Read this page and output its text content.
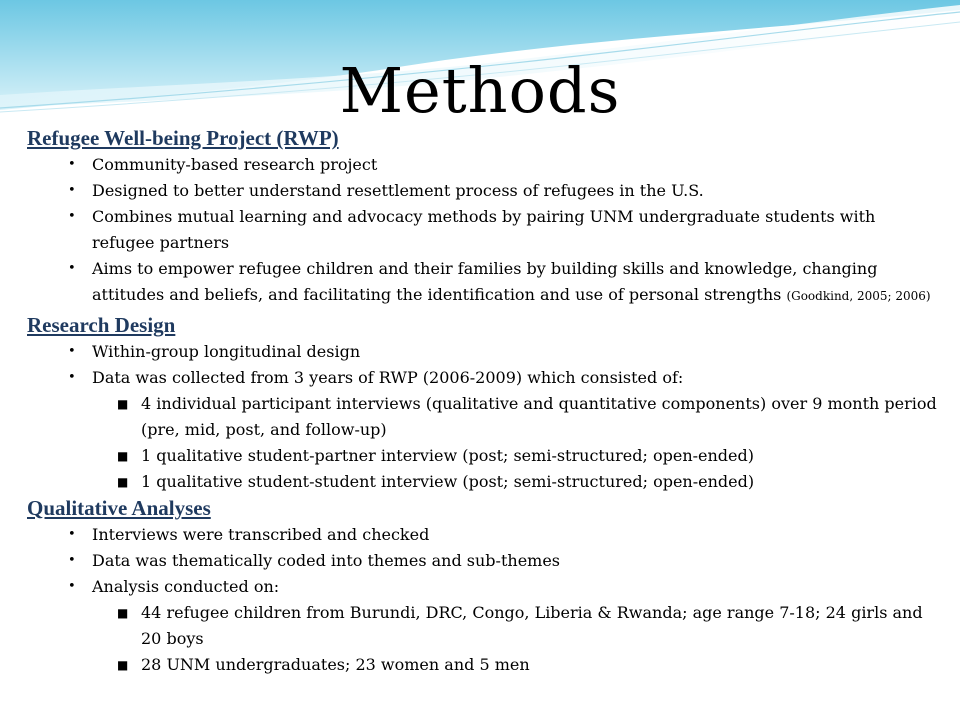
Methods
Refugee Well-being Project (RWP)
• Community-based research project
• Designed to better understand resettlement process of refugees in the U.S.
• Combines mutual learning and advocacy methods by pairing UNM undergraduate students with refugee partners
• Aims to empower refugee children and their families by building skills and knowledge, changing attitudes and beliefs, and facilitating the identification and use of personal strengths (Goodkind, 2005; 2006)
Research Design
• Within-group longitudinal design
• Data was collected from 3 years of RWP (2006-2009) which consisted of:
■ 4 individual participant interviews (qualitative and quantitative components) over 9 month period (pre, mid, post, and follow-up)
■ 1 qualitative student-partner interview (post; semi-structured; open-ended)
■ 1 qualitative student-student interview (post; semi-structured; open-ended)
Qualitative Analyses
• Interviews were transcribed and checked
• Data was thematically coded into themes and sub-themes
• Analysis conducted on:
■ 44 refugee children from Burundi, DRC, Congo, Liberia & Rwanda; age range 7-18; 24 girls and 20 boys
■ 28 UNM undergraduates; 23 women and 5 men
